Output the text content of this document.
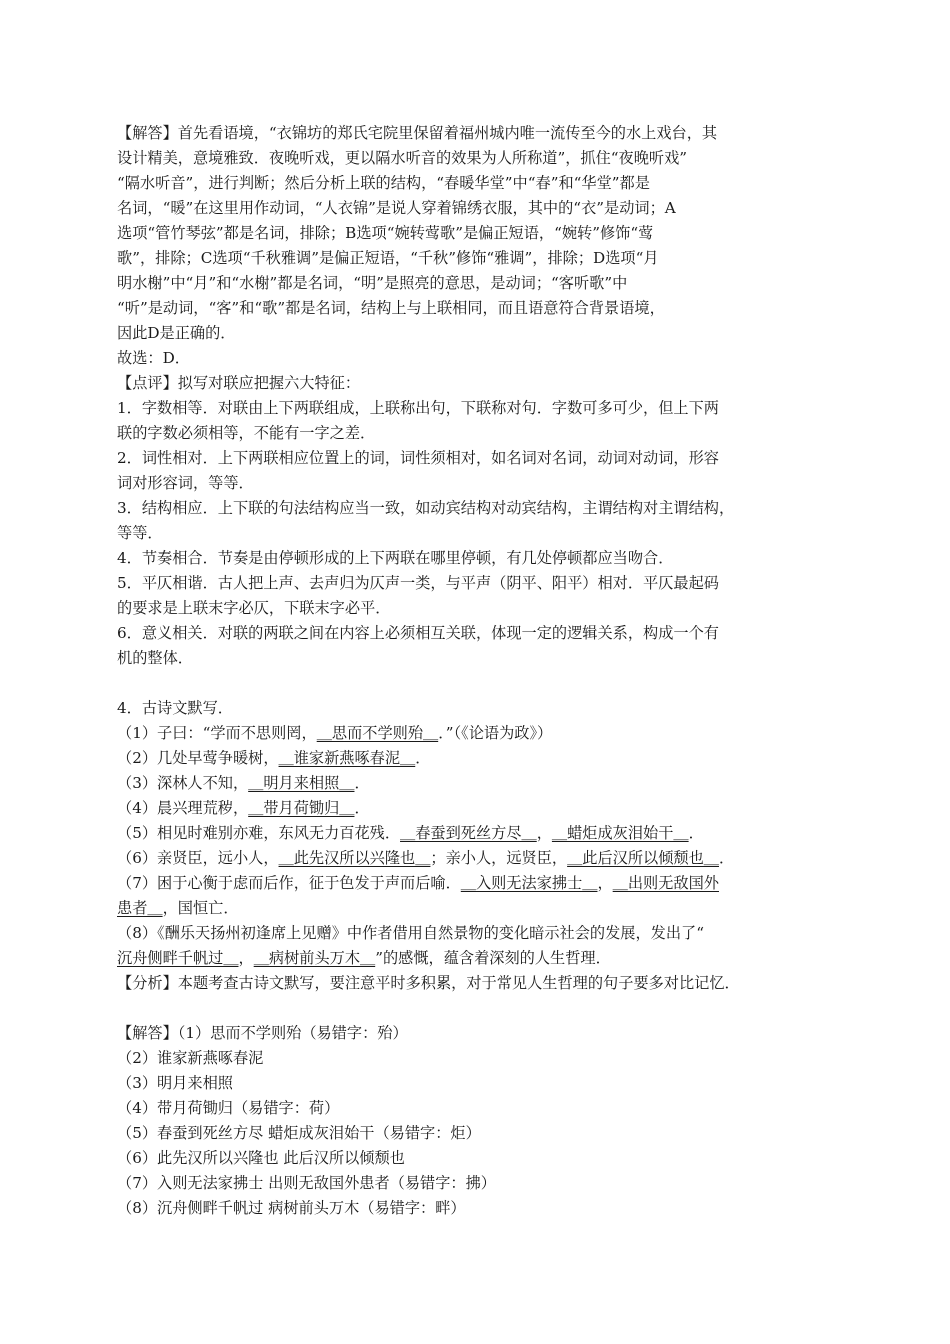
【解答】首先看语境，“衣锦坊的郑氏宅院里保留着福州城内唯一流传至今的水上戏台，其

设计精美，意境雅致．夜晚听戏，更以隔水听音的效果为人所称道”，抓住“夜晚听戏”

“隔水听音”，进行判断；然后分析上联的结构，“春暖华堂”中“春”和“华堂”都是

名词，“暖”在这里用作动词，“人衣锦”是说人穿着锦绣衣服，其中的“衣”是动词；A

选项“管竹琴弦”都是名词，排除；B选项“婉转莺歌”是偏正短语，“婉转”修饰“莺

歌”，排除；C选项“千秋雅调”是偏正短语，“千秋”修饰“雅调”，排除；D选项“月

明水榭”中“月”和“水榭”都是名词，“明”是照亮的意思，是动词；“客听歌”中

“听”是动词，“客”和“歌”都是名词，结构上与上联相同，而且语意符合背景语境，

因此D是正确的．

故选：D．

【点评】拟写对联应把握六大特征：

1．字数相等．对联由上下两联组成，上联称出句，下联称对句．字数可多可少，但上下两

联的字数必须相等，不能有一字之差．

2．词性相对．上下两联相应位置上的词，词性须相对，如名词对名词，动词对动词，形容

词对形容词，等等．

3．结构相应．上下联的句法结构应当一致，如动宾结构对动宾结构，主谓结构对主谓结构，

等等．

4．节奏相合．节奏是由停顿形成的上下两联在哪里停顿，有几处停顿都应当吻合．

5．平仄相谐．古人把上声、去声归为仄声一类，与平声（阴平、阳平）相对．平仄最起码

的要求是上联末字必仄，下联末字必平．

6．意义相关．对联的两联之间在内容上必须相互关联，体现一定的逻辑关系，构成一个有

机的整体．

4．古诗文默写．

（1）子曰：“学而不思则罔，＿思而不学则殆＿．”（《论语为政》）

（2）几处早莺争暖树，＿谁家新燕啄春泥＿．

（3）深林人不知，＿明月来相照＿．

（4）晨兴理荒秽，＿带月荷锄归＿．

（5）相见时难别亦难，东风无力百花残．＿春蚕到死丝方尽＿，＿蜡炬成灰泪始干＿．

（6）亲贤臣，远小人，＿此先汉所以兴隆也＿；亲小人，远贤臣，＿此后汉所以倾颓也＿．

（7）困于心衡于虑而后作，征于色发于声而后喻．＿入则无法家拂士＿，＿出则无敌国外

患者＿，国恒亡．

（8）《酬乐天扬州初逢席上见赠》中作者借用自然景物的变化暗示社会的发展，发出了“

沉舟侧畔千帆过＿，＿病树前头万木＿”的感慨，蕴含着深刻的人生哲理．

【分析】本题考查古诗文默写，要注意平时多积累，对于常见人生哲理的句子要多对比记忆．

【解答】（1）思而不学则殆（易错字：殆）

（2）谁家新燕啄春泥

（3）明月来相照

（4）带月荷锄归（易错字：荷）

（5）春蚕到死丝方尽 蜡炬成灰泪始干（易错字：炬）

（6）此先汉所以兴隆也 此后汉所以倾颓也

（7）入则无法家拂士 出则无敌国外患者（易错字：拂）

（8）沉舟侧畔千帆过 病树前头万木（易错字：畔）
